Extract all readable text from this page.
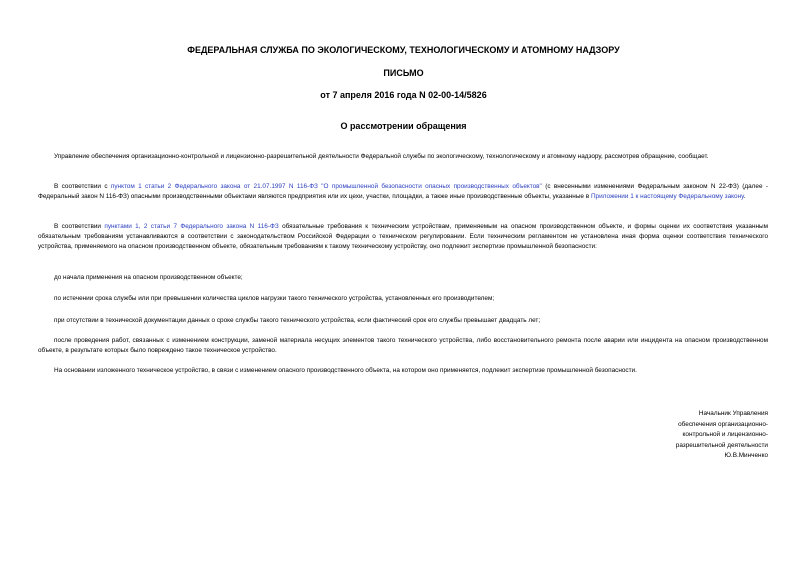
ФЕДЕРАЛЬНАЯ СЛУЖБА ПО ЭКОЛОГИЧЕСКОМУ, ТЕХНОЛОГИЧЕСКОМУ И АТОМНОМУ НАДЗОРУ
ПИСЬМО
от 7 апреля 2016 года N 02-00-14/5826
О рассмотрении обращения
Управление обеспечения организационно-контрольной и лицензионно-разрешительной деятельности Федеральной службы по экологическому, технологическому и атомному надзору, рассмотрев обращение, сообщает.
В соответствии с пунктом 1 статьи 2 Федерального закона от 21.07.1997 N 116-ФЗ "О промышленной безопасности опасных производственных объектов" (с внесенными изменениями Федеральным законом N 22-ФЗ) (далее - Федеральный закон N 116-ФЗ) опасными производственными объектами являются предприятия или их цехи, участки, площадки, а также иные производственные объекты, указанные в Приложении 1 к настоящему Федеральному закону.
В соответствии пунктами 1, 2 статьи 7 Федерального закона N 116-ФЗ обязательные требования к техническим устройствам, применяемым на опасном производственном объекте, и формы оценки их соответствия указанным обязательным требованиям устанавливаются в соответствии с законодательством Российской Федерации о техническом регулировании. Если техническим регламентом не установлена иная форма оценки соответствия технического устройства, применяемого на опасном производственном объекте, обязательным требованиям к такому техническому устройству, оно подлежит экспертизе промышленной безопасности:
до начала применения на опасном производственном объекте;
по истечении срока службы или при превышении количества циклов нагрузки такого технического устройства, установленных его производителем;
при отсутствии в технической документации данных о сроке службы такого технического устройства, если фактический срок его службы превышает двадцать лет;
после проведения работ, связанных с изменением конструкции, заменой материала несущих элементов такого технического устройства, либо восстановительного ремонта после аварии или инцидента на опасном производственном объекте, в результате которых было повреждено такое техническое устройство.
На основании изложенного техническое устройство, в связи с изменением опасного производственного объекта, на котором оно применяется, подлежит экспертизе промышленной безопасности.
Начальник Управления
обеспечения организационно-
контрольной и лицензионно-
разрешительной деятельности
Ю.В.Минченко
